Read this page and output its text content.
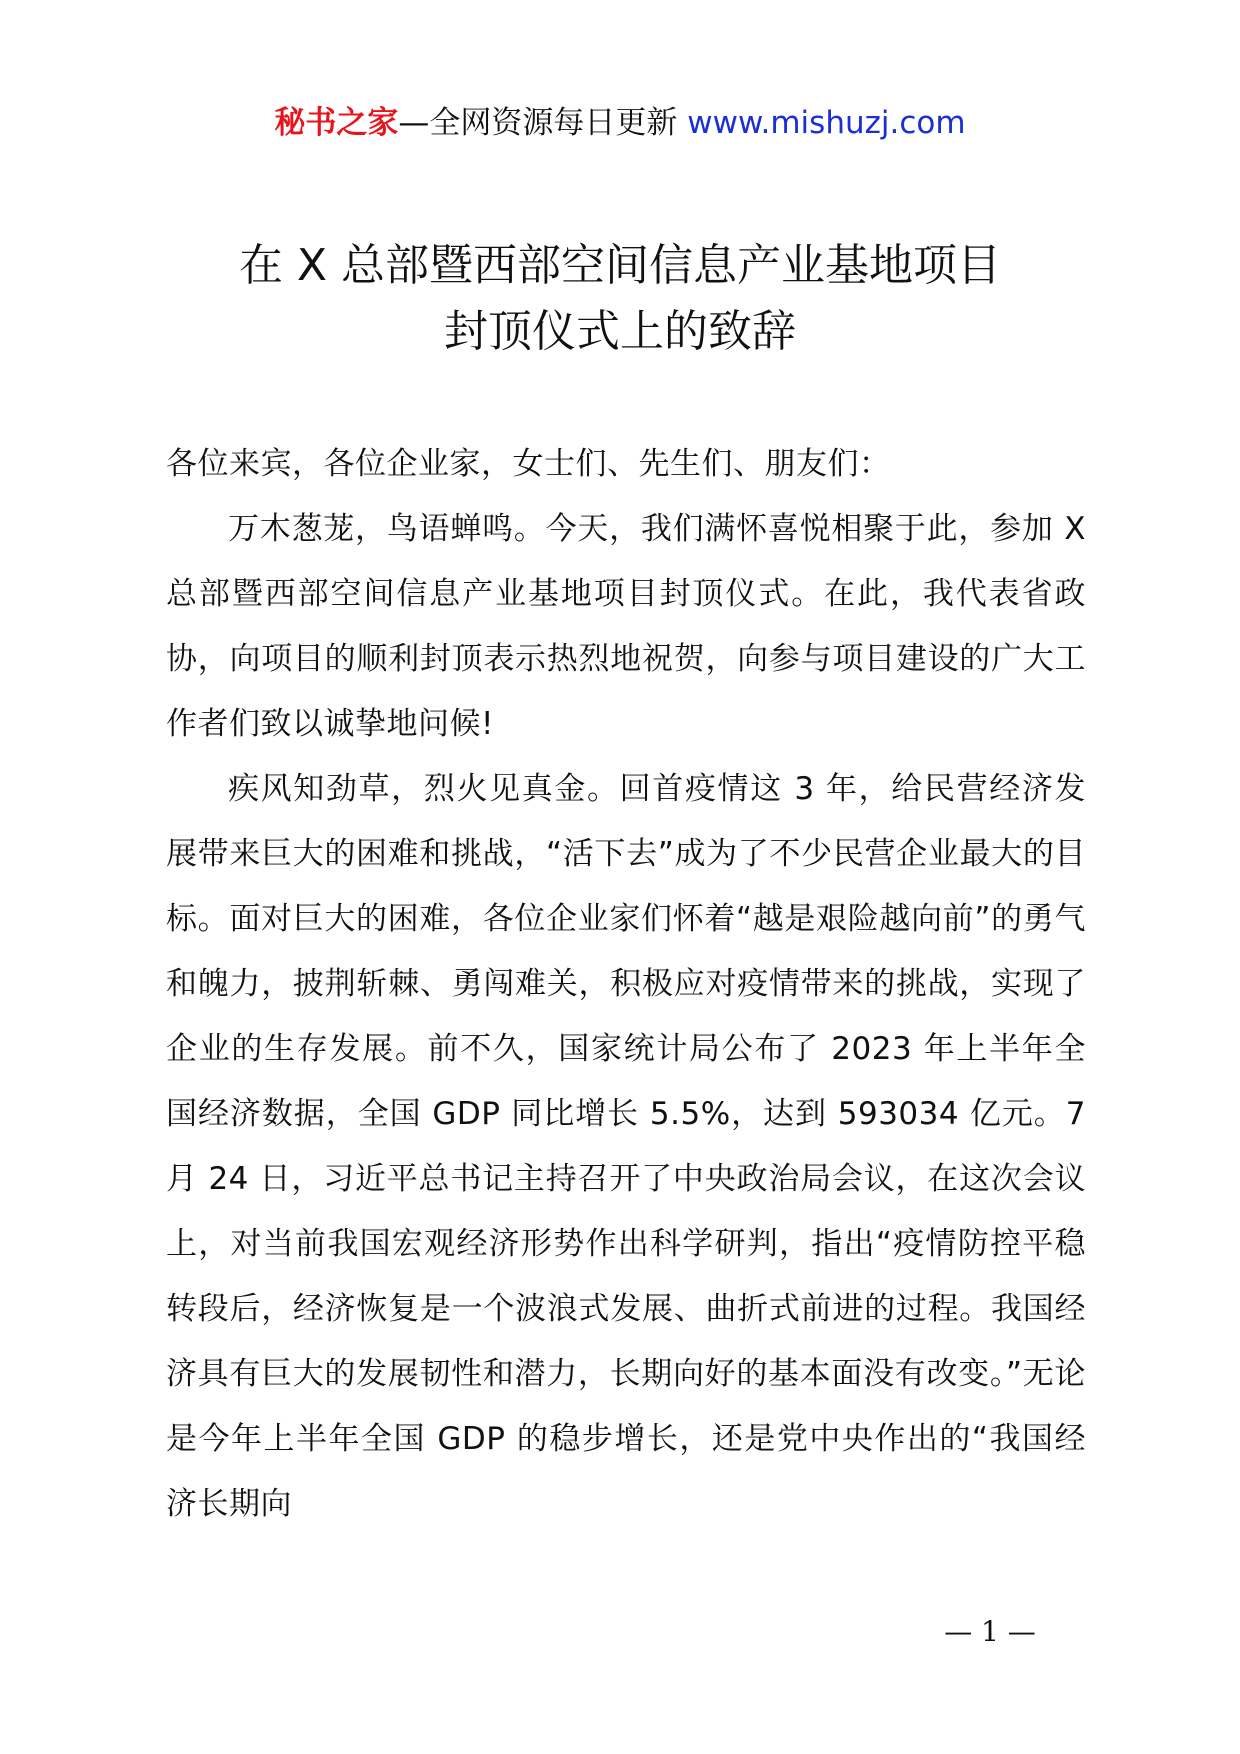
秘书之家—全网资源每日更新 www.mishuzj.com
在 X 总部暨西部空间信息产业基地项目
封顶仪式上的致辞

各位来宾，各位企业家，女士们、先生们、朋友们：

万木葱茏，鸟语蝉鸣。今天，我们满怀喜悦相聚于此，参加 X 总部暨西部空间信息产业基地项目封顶仪式。在此，我代表省政协，向项目的顺利封顶表示热烈地祝贺，向参与项目建设的广大工作者们致以诚挚地问候!

疾风知劲草，烈火见真金。回首疫情这 3 年，给民营经济发展带来巨大的困难和挑战，“活下去”成为了不少民营企业最大的目标。面对巨大的困难，各位企业家们怀着“越是艰险越向前”的勇气和魄力，披荆斩棘、勇闯难关，积极应对疫情带来的挑战，实现了企业的生存发展。前不久，国家统计局公布了 2023 年上半年全国经济数据，全国 GDP 同比增长 5.5%，达到 593034 亿元。7 月 24 日，习近平总书记主持召开了中央政治局会议，在这次会议上，对当前我国宏观经济形势作出科学研判，指出“疫情防控平稳转段后，经济恢复是一个波浪式发展、曲折式前进的过程。我国经济具有巨大的发展韧性和潜力，长期向好的基本面没有改变。”无论是今年上半年全国 GDP 的稳步增长，还是党中央作出的“我国经济长期向

— 1 —
